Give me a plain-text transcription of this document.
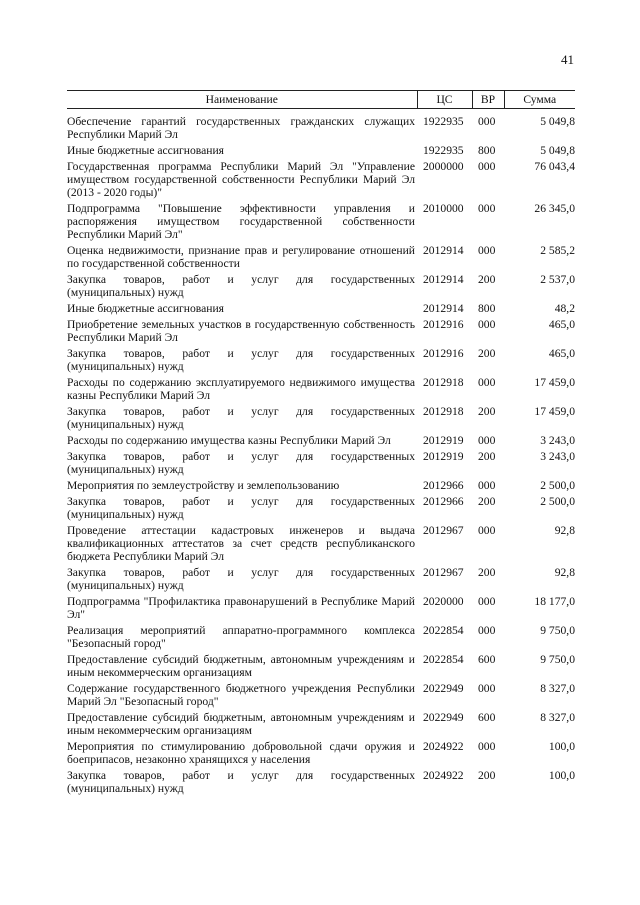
41
Наименование	ЦС	ВР	Сумма
Обеспечение гарантий государственных гражданских служащих Республики Марий Эл	1922935	000	5 049,8
Иные бюджетные ассигнования	1922935	800	5 049,8
Государственная программа Республики Марий Эл "Управление имуществом государственной собственности Республики Марий Эл (2013 - 2020 годы)"	2000000	000	76 043,4
Подпрограмма "Повышение эффективности управления и распоряжения имуществом государственной собственности Республики Марий Эл"	2010000	000	26 345,0
Оценка недвижимости, признание прав и регулирование отношений по государственной собственности	2012914	000	2 585,2
Закупка товаров, работ и услуг для государственных (муниципальных) нужд	2012914	200	2 537,0
Иные бюджетные ассигнования	2012914	800	48,2
Приобретение земельных участков в государственную собственность Республики Марий Эл	2012916	000	465,0
Закупка товаров, работ и услуг для государственных (муниципальных) нужд	2012916	200	465,0
Расходы по содержанию эксплуатируемого недвижимого имущества казны Республики Марий Эл	2012918	000	17 459,0
Закупка товаров, работ и услуг для государственных (муниципальных) нужд	2012918	200	17 459,0
Расходы по содержанию имущества казны Республики Марий Эл	2012919	000	3 243,0
Закупка товаров, работ и услуг для государственных (муниципальных) нужд	2012919	200	3 243,0
Мероприятия по землеустройству и землепользованию	2012966	000	2 500,0
Закупка товаров, работ и услуг для государственных (муниципальных) нужд	2012966	200	2 500,0
Проведение аттестации кадастровых инженеров и выдача квалификационных аттестатов за счет средств республиканского бюджета Республики Марий Эл	2012967	000	92,8
Закупка товаров, работ и услуг для государственных (муниципальных) нужд	2012967	200	92,8
Подпрограмма "Профилактика правонарушений в Республике Марий Эл"	2020000	000	18 177,0
Реализация мероприятий аппаратно-программного комплекса "Безопасный город"	2022854	000	9 750,0
Предоставление субсидий бюджетным, автономным учреждениям и иным некоммерческим организациям	2022854	600	9 750,0
Содержание государственного бюджетного учреждения Республики Марий Эл "Безопасный город"	2022949	000	8 327,0
Предоставление субсидий бюджетным, автономным учреждениям и иным некоммерческим организациям	2022949	600	8 327,0
Мероприятия по стимулированию добровольной сдачи оружия и боеприпасов, незаконно хранящихся у населения	2024922	000	100,0
Закупка товаров, работ и услуг для государственных (муниципальных) нужд	2024922	200	100,0
